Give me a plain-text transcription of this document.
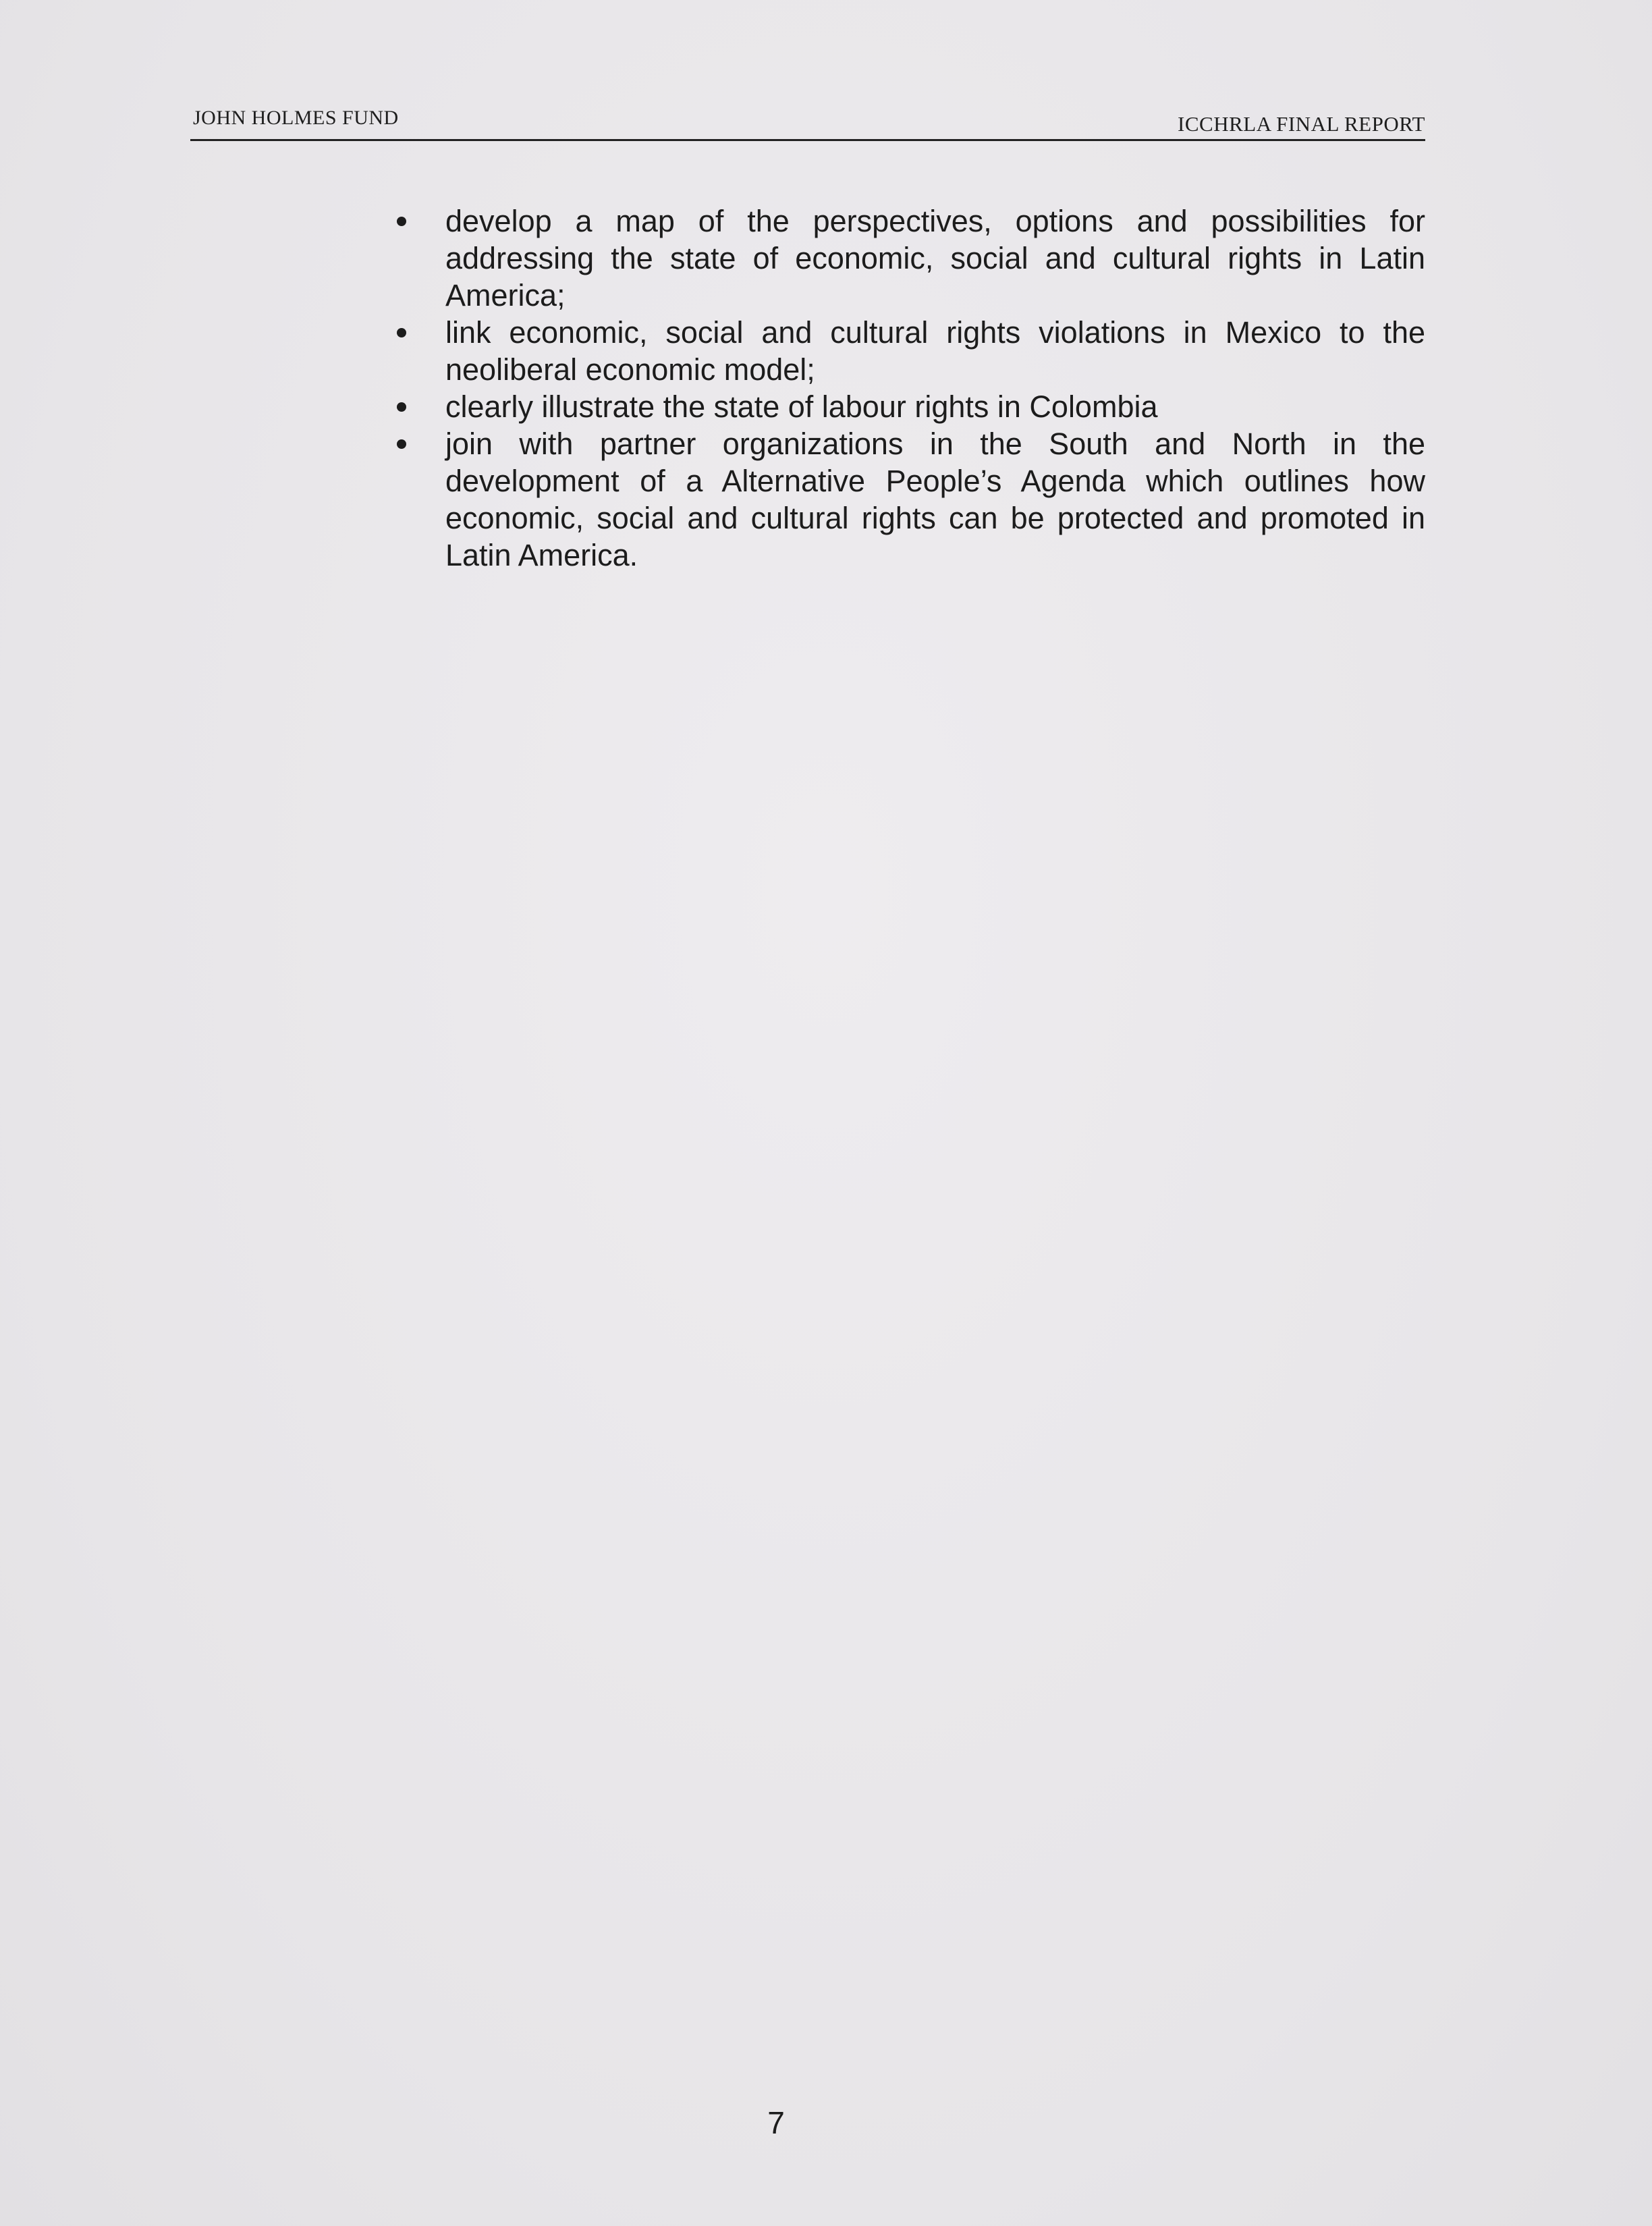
JOHN HOLMES FUND	ICCHRLA FINAL REPORT
develop a map of the perspectives, options and possibilities for addressing the state of economic, social and cultural rights in Latin America;
link economic, social and cultural rights violations in Mexico to the neoliberal economic model;
clearly illustrate the state of labour rights in Colombia
join with partner organizations in the South and North in the development of a Alternative People’s Agenda which outlines how economic, social and cultural rights can be protected and promoted in Latin America.
7
